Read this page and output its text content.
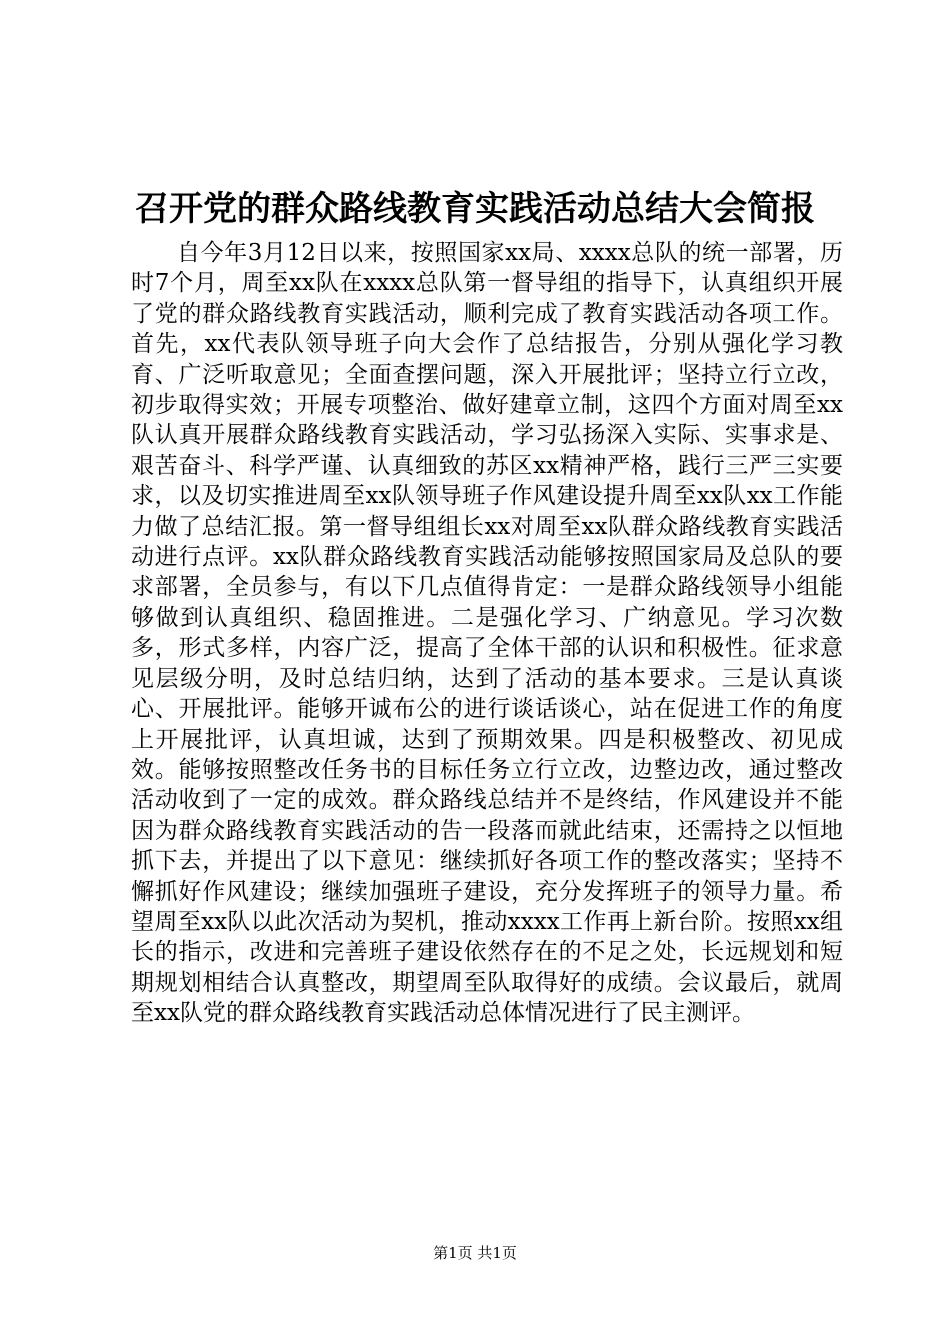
召开党的群众路线教育实践活动总结大会简报

自今年3月12日以来，按照国家xx局、xxxx总队的统一部署，历时7个月，周至xx队在xxxx总队第一督导组的指导下，认真组织开展了党的群众路线教育实践活动，顺利完成了教育实践活动各项工作。首先，xx代表队领导班子向大会作了总结报告，分别从强化学习教育、广泛听取意见；全面查摆问题，深入开展批评；坚持立行立改，初步取得实效；开展专项整治、做好建章立制，这四个方面对周至xx队认真开展群众路线教育实践活动，学习弘扬深入实际、实事求是、艰苦奋斗、科学严谨、认真细致的苏区xx精神严格，践行三严三实要求，以及切实推进周至xx队领导班子作风建设提升周至xx队xx工作能力做了总结汇报。第一督导组组长xx对周至xx队群众路线教育实践活动进行点评。xx队群众路线教育实践活动能够按照国家局及总队的要求部署，全员参与，有以下几点值得肯定：一是群众路线领导小组能够做到认真组织、稳固推进。二是强化学习、广纳意见。学习次数多，形式多样，内容广泛，提高了全体干部的认识和积极性。征求意见层级分明，及时总结归纳，达到了活动的基本要求。三是认真谈心、开展批评。能够开诚布公的进行谈话谈心，站在促进工作的角度上开展批评，认真坦诚，达到了预期效果。四是积极整改、初见成效。能够按照整改任务书的目标任务立行立改，边整边改，通过整改活动收到了一定的成效。群众路线总结并不是终结，作风建设并不能因为群众路线教育实践活动的告一段落而就此结束，还需持之以恒地抓下去，并提出了以下意见：继续抓好各项工作的整改落实；坚持不懈抓好作风建设；继续加强班子建设，充分发挥班子的领导力量。希望周至xx队以此次活动为契机，推动xxxx工作再上新台阶。按照xx组长的指示，改进和完善班子建设依然存在的不足之处，长远规划和短期规划相结合认真整改，期望周至队取得好的成绩。会议最后，就周至xx队党的群众路线教育实践活动总体情况进行了民主测评。

第1页 共1页
